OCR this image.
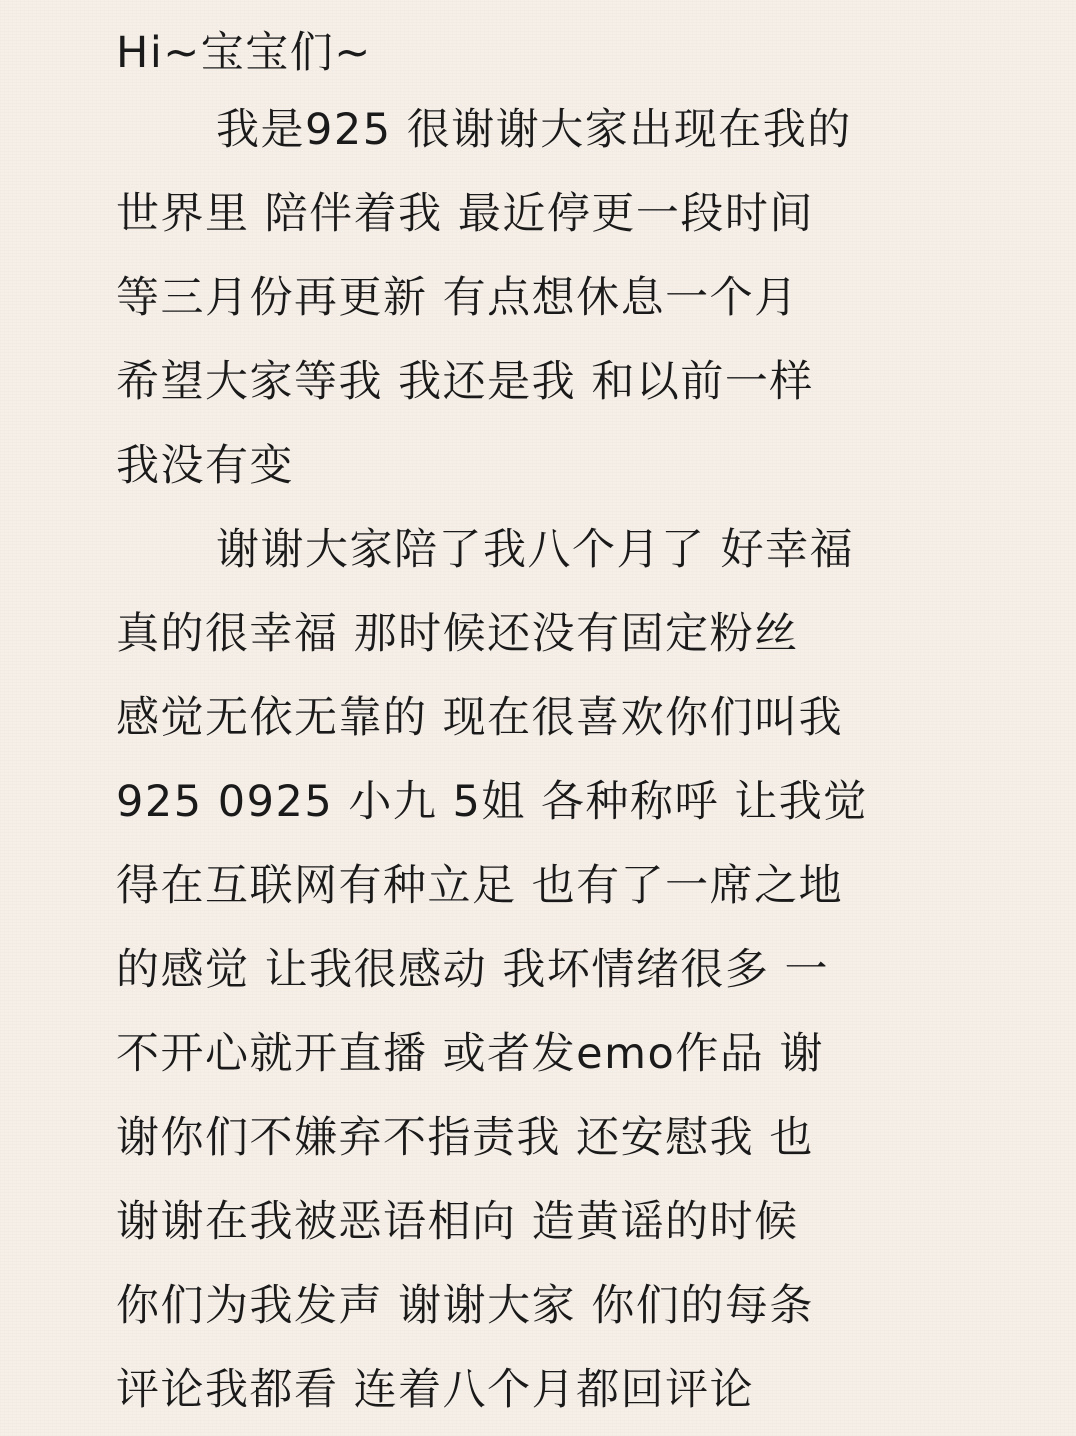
Hi~宝宝们~
我是925 很谢谢大家出现在我的
世界里 陪伴着我 最近停更一段时间
等三月份再更新 有点想休息一个月
希望大家等我 我还是我 和以前一样
我没有变
谢谢大家陪了我八个月了 好幸福
真的很幸福 那时候还没有固定粉丝
感觉无依无靠的 现在很喜欢你们叫我
925 0925 小九 5姐 各种称呼 让我觉
得在互联网有种立足 也有了一席之地
的感觉 让我很感动 我坏情绪很多 一
不开心就开直播 或者发emo作品 谢
谢你们不嫌弃不指责我 还安慰我 也
谢谢在我被恶语相向 造黄谣的时候
你们为我发声 谢谢大家 你们的每条
评论我都看 连着八个月都回评论
